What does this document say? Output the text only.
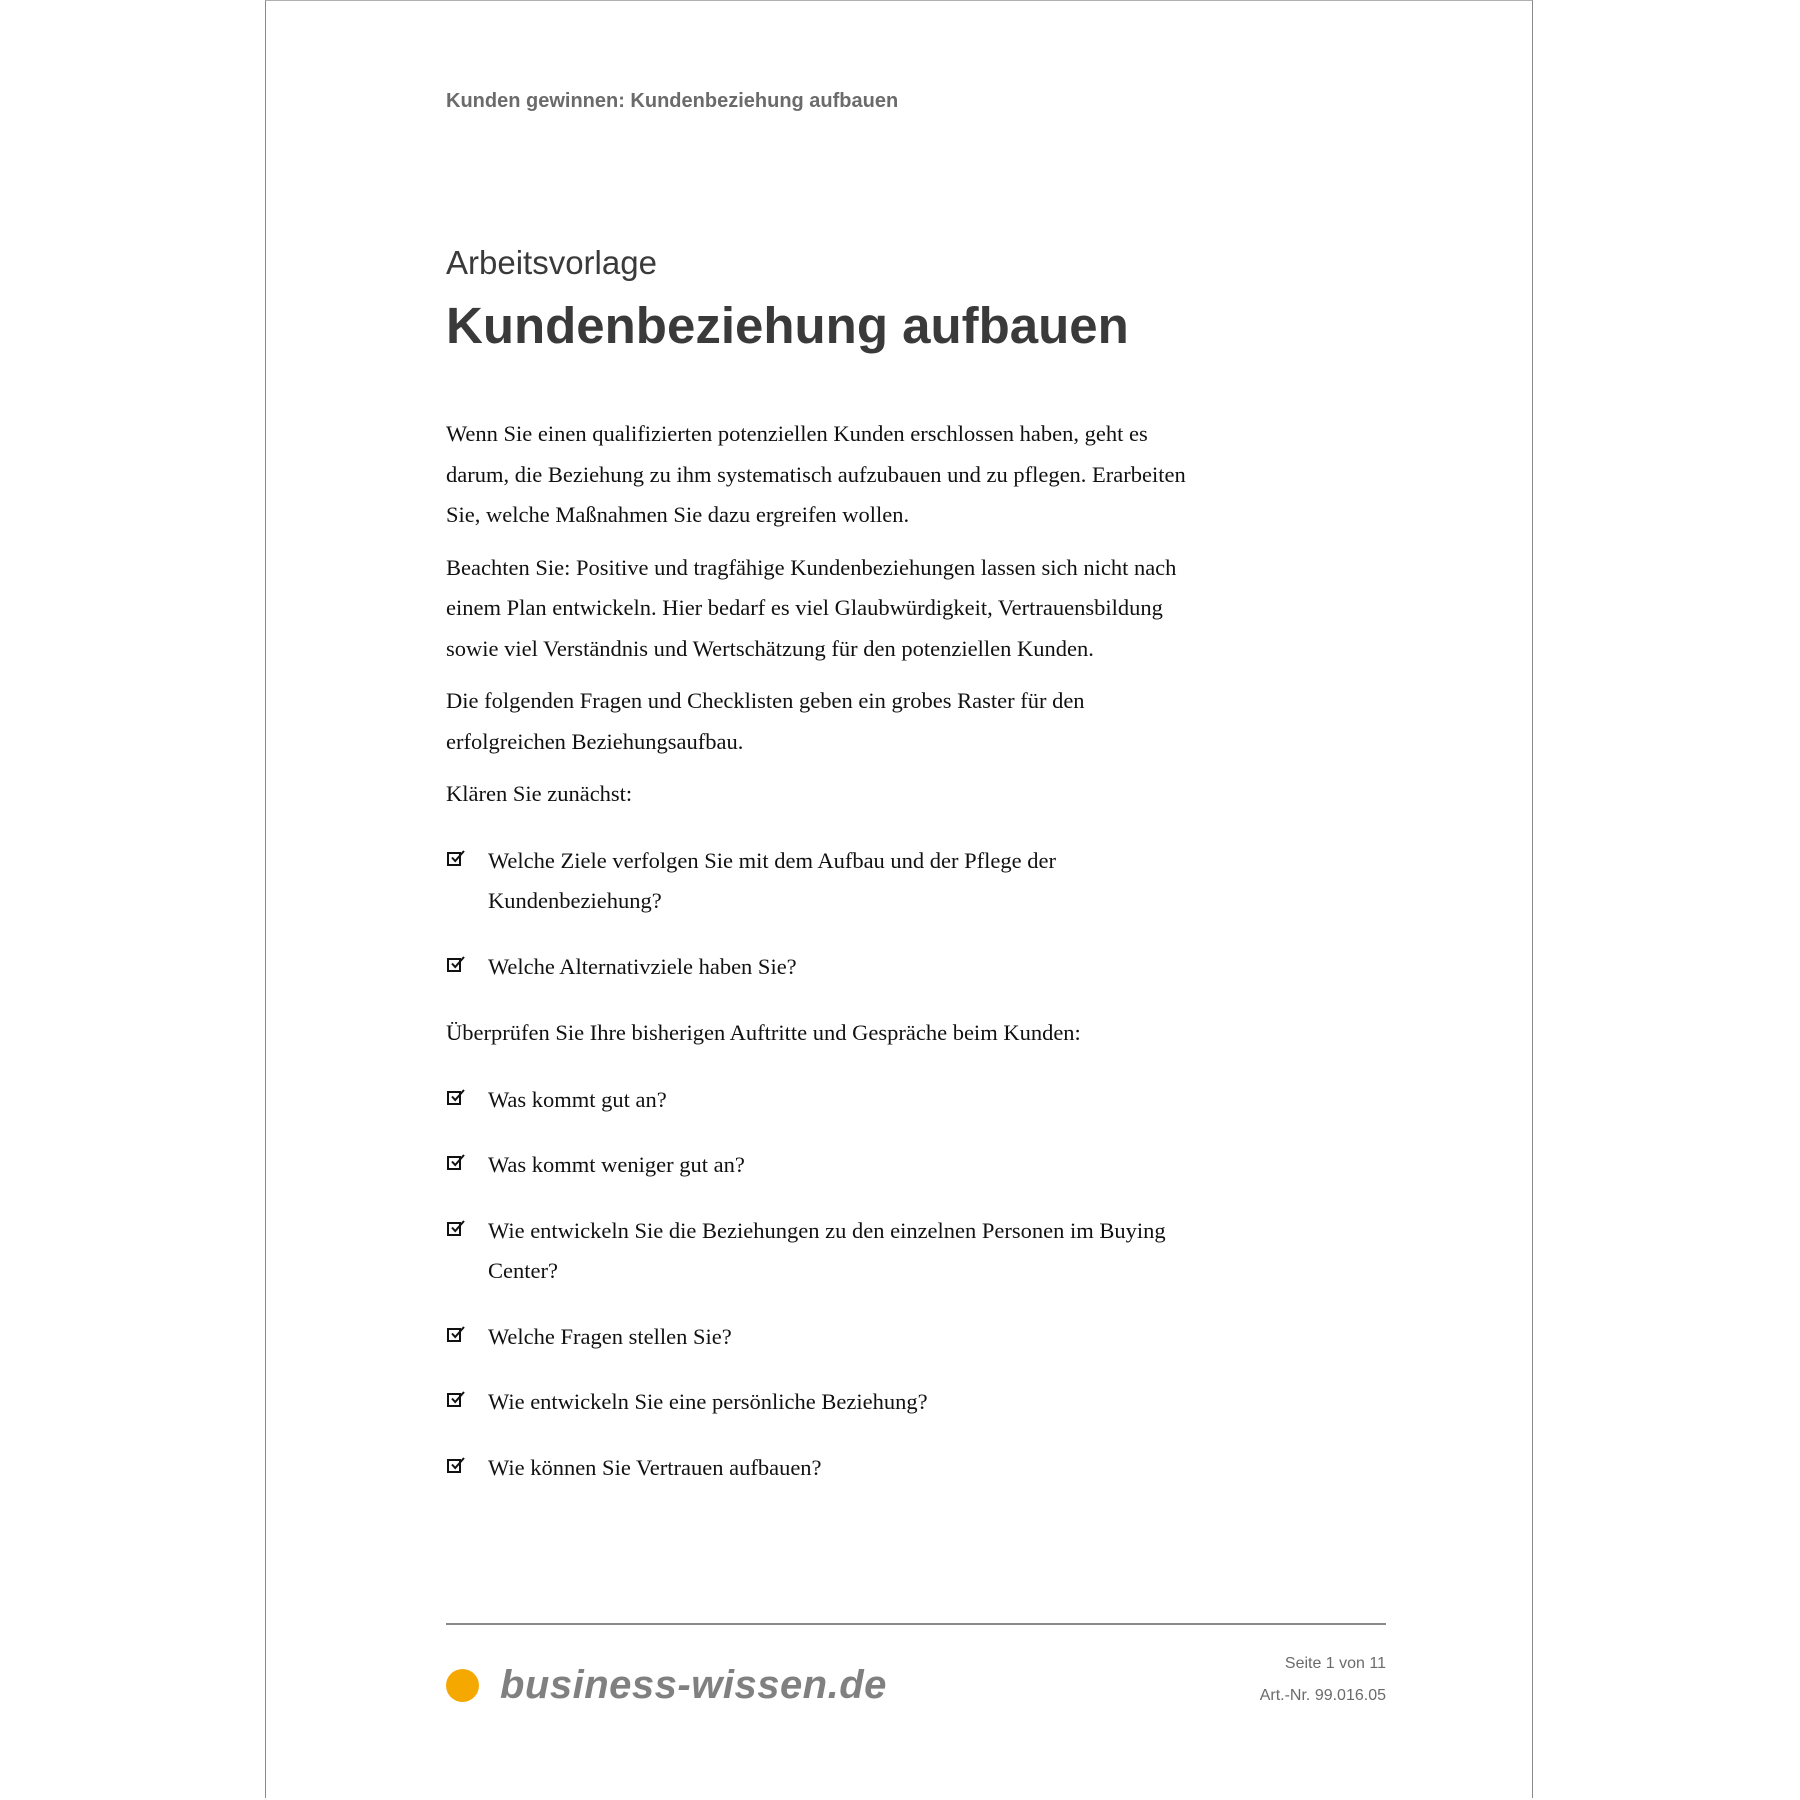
Kunden gewinnen: Kundenbeziehung aufbauen
Arbeitsvorlage
Kundenbeziehung aufbauen

Wenn Sie einen qualifizierten potenziellen Kunden erschlossen haben, geht es darum, die Beziehung zu ihm systematisch aufzubauen und zu pflegen. Erarbeiten Sie, welche Maßnahmen Sie dazu ergreifen wollen.

Beachten Sie: Positive und tragfähige Kundenbeziehungen lassen sich nicht nach einem Plan entwickeln. Hier bedarf es viel Glaubwürdigkeit, Vertrauensbildung sowie viel Verständnis und Wertschätzung für den potenziellen Kunden.

Die folgenden Fragen und Checklisten geben ein grobes Raster für den erfolgreichen Beziehungsaufbau.

Klären Sie zunächst:

Welche Ziele verfolgen Sie mit dem Aufbau und der Pflege der Kundenbeziehung?
Welche Alternativziele haben Sie?

Überprüfen Sie Ihre bisherigen Auftritte und Gespräche beim Kunden:

Was kommt gut an?
Was kommt weniger gut an?
Wie entwickeln Sie die Beziehungen zu den einzelnen Personen im Buying Center?
Welche Fragen stellen Sie?
Wie entwickeln Sie eine persönliche Beziehung?
Wie können Sie Vertrauen aufbauen?
business-wissen.de	Seite 1 von 11
Art.-Nr. 99.016.05
